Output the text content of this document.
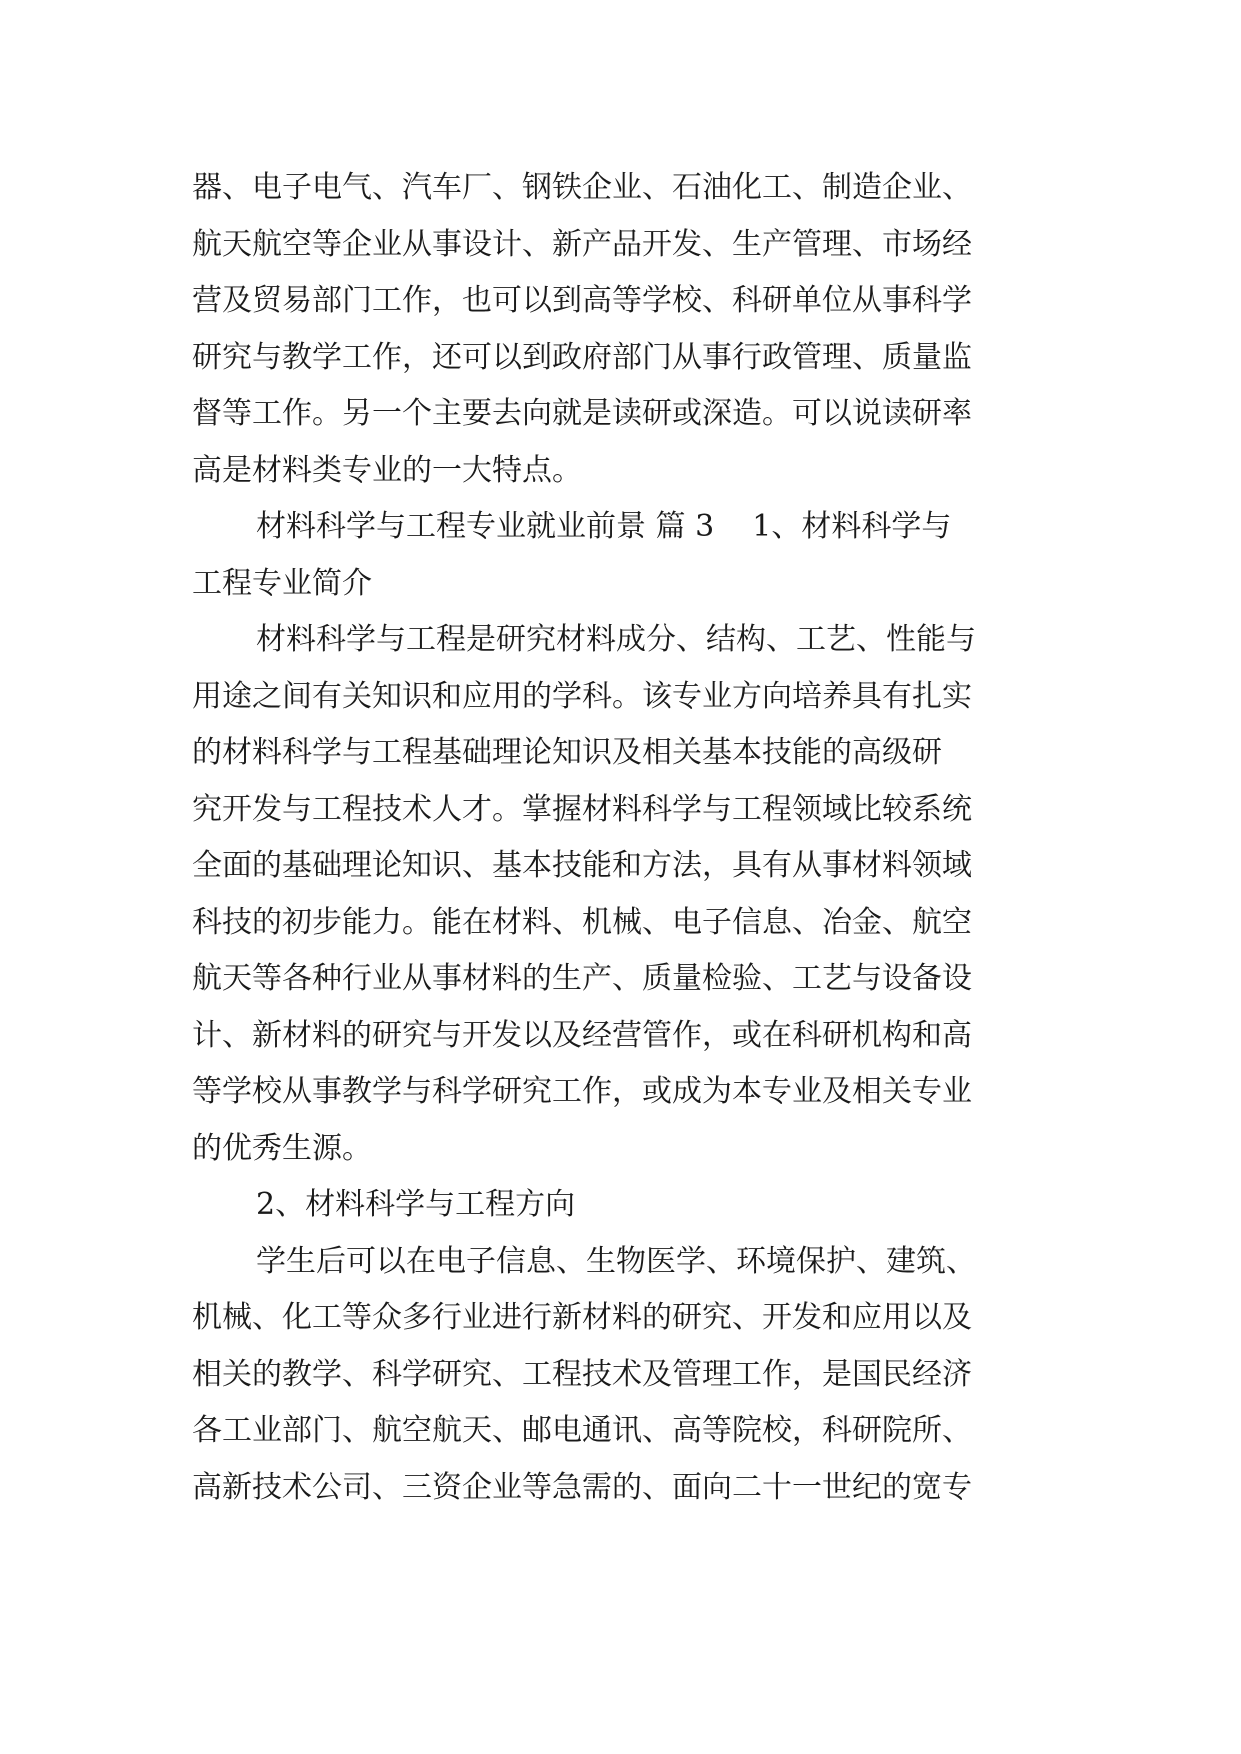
器、电子电气、汽车厂、钢铁企业、石油化工、制造企业、
航天航空等企业从事设计、新产品开发、生产管理、市场经
营及贸易部门工作，也可以到高等学校、科研单位从事科学
研究与教学工作，还可以到政府部门从事行政管理、质量监
督等工作。另一个主要去向就是读研或深造。可以说读研率
高是材料类专业的一大特点。
材料科学与工程专业就业前景 篇 3    1、材料科学与
工程专业简介
材料科学与工程是研究材料成分、结构、工艺、性能与
用途之间有关知识和应用的学科。该专业方向培养具有扎实
的材料科学与工程基础理论知识及相关基本技能的高级研
究开发与工程技术人才。掌握材料科学与工程领域比较系统
全面的基础理论知识、基本技能和方法，具有从事材料领域
科技的初步能力。能在材料、机械、电子信息、冶金、航空
航天等各种行业从事材料的生产、质量检验、工艺与设备设
计、新材料的研究与开发以及经营管作，或在科研机构和高
等学校从事教学与科学研究工作，或成为本专业及相关专业
的优秀生源。
2、材料科学与工程方向
学生后可以在电子信息、生物医学、环境保护、建筑、
机械、化工等众多行业进行新材料的研究、开发和应用以及
相关的教学、科学研究、工程技术及管理工作，是国民经济
各工业部门、航空航天、邮电通讯、高等院校，科研院所、
高新技术公司、三资企业等急需的、面向二十一世纪的宽专
